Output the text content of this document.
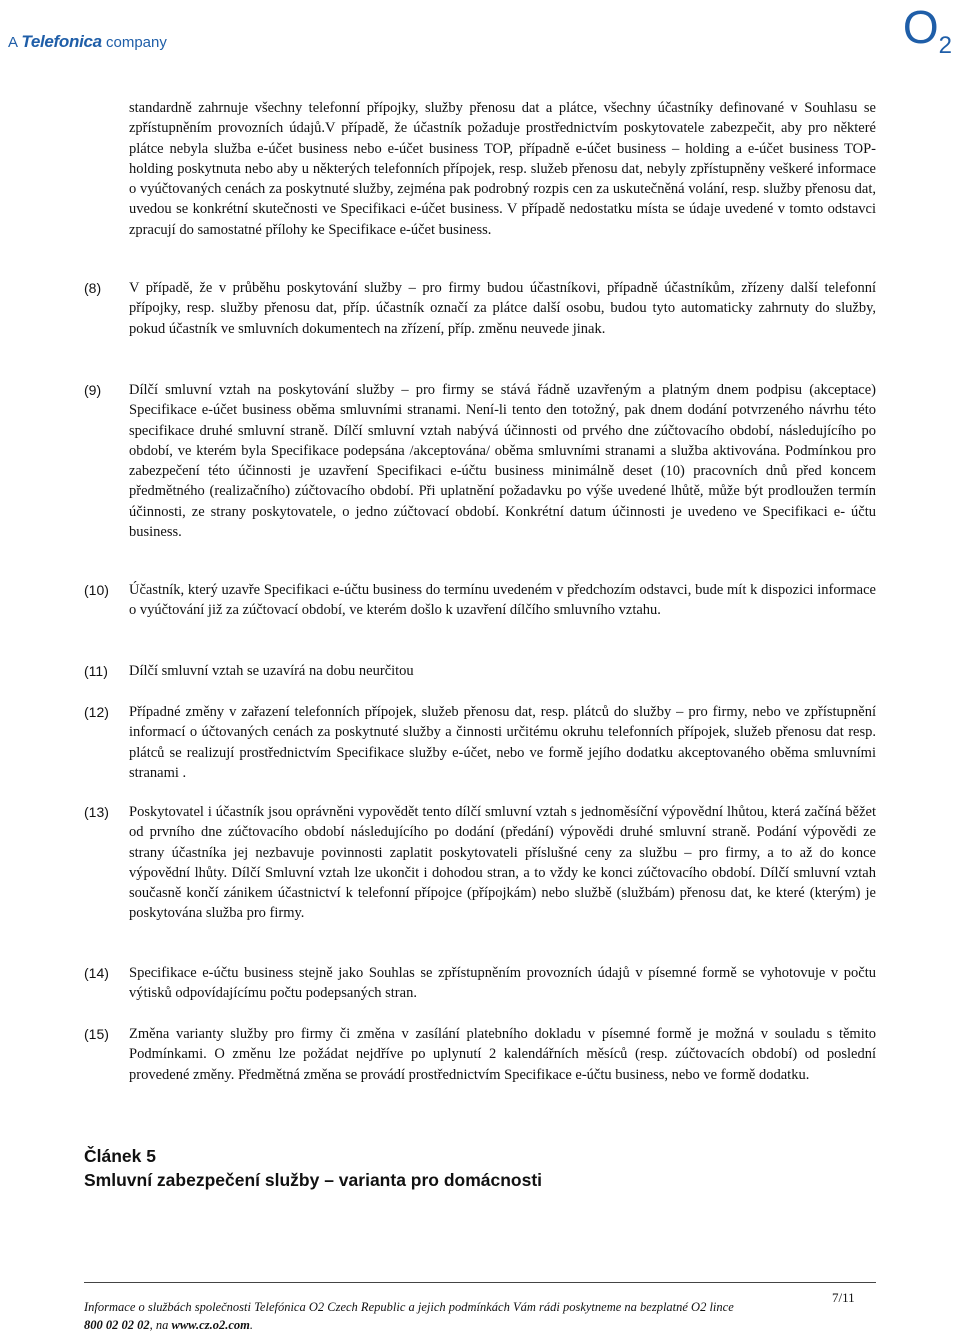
A Telefonica company	$O_2$
standardně zahrnuje všechny telefonní přípojky, služby přenosu dat a plátce, všechny účastníky definované v Souhlasu se zpřístupněním provozních údajů.V případě, že účastník požaduje prostřednictvím poskytovatele zabezpečit, aby pro některé plátce nebyla služba e-účet business nebo e-účet business TOP, případně e-účet business – holding a e-účet business TOP- holding poskytnuta nebo aby u některých telefonních přípojek, resp. služeb přenosu dat, nebyly zpřístupněny veškeré informace o vyúčtovaných cenách za poskytnuté služby, zejména pak podrobný rozpis cen za uskutečněná volání, resp. služby přenosu dat, uvedou se konkrétní skutečnosti ve Specifikaci e-účet business. V případě nedostatku místa se údaje uvedené v tomto odstavci zpracují do samostatné přílohy ke Specifikace e-účet business.
(8) V případě, že v průběhu poskytování služby – pro firmy budou účastníkovi, případně účastníkům, zřízeny další telefonní přípojky, resp. služby přenosu dat, příp. účastník označí za plátce další osobu, budou tyto automaticky zahrnuty do služby, pokud účastník ve smluvních dokumentech na zřízení, příp. změnu neuvede jinak.
(9) Dílčí smluvní vztah na poskytování služby – pro firmy se stává řádně uzavřeným a platným dnem podpisu (akceptace) Specifikace e-účet business oběma smluvními stranami. Není-li tento den totožný, pak dnem dodání potvrzeného návrhu této specifikace druhé smluvní straně. Dílčí smluvní vztah nabývá účinnosti od prvého dne zúčtovacího období, následujícího po období, ve kterém byla Specifikace podepsána /akceptována/ oběma smluvními stranami a služba aktivována. Podmínkou pro zabezpečení této účinnosti je uzavření Specifikaci e-účtu business minimálně deset (10) pracovních dnů před koncem předmětného (realizačního) zúčtovacího období. Při uplatnění požadavku po výše uvedené lhůtě, může být prodloužen termín účinnosti, ze strany poskytovatele, o jedno zúčtovací období. Konkrétní datum účinnosti je uvedeno ve Specifikaci e- účtu business.
(10) Účastník, který uzavře Specifikaci e-účtu business do termínu uvedeném v předchozím odstavci, bude mít k dispozici informace o vyúčtování již za zúčtovací období, ve kterém došlo k uzavření dílčího smluvního vztahu.
(11) Dílčí smluvní vztah se uzavírá na dobu neurčitou
(12) Případné změny v zařazení telefonních přípojek, služeb přenosu dat, resp. plátců do služby – pro firmy, nebo ve zpřístupnění informací o účtovaných cenách za poskytnuté služby a činnosti určitému okruhu telefonních přípojek, služeb přenosu dat resp. plátců se realizují prostřednictvím Specifikace služby e-účet, nebo ve formě jejího dodatku akceptovaného oběma smluvními stranami .
(13) Poskytovatel i účastník jsou oprávněni vypovědět tento dílčí smluvní vztah s jednoměsíční výpovědní lhůtou, která začíná běžet od prvního dne zúčtovacího období následujícího po dodání (předání) výpovědi druhé smluvní straně. Podání výpovědi ze strany účastníka jej nezbavuje povinnosti zaplatit poskytovateli příslušné ceny za službu – pro firmy, a to až do konce výpovědní lhůty. Dílčí Smluvní vztah lze ukončit i dohodou stran, a to vždy ke konci zúčtovacího období. Dílčí smluvní vztah současně končí zánikem účastnictví k telefonní přípojce (přípojkám) nebo službě (službám) přenosu dat, ke které (kterým) je poskytována služba pro firmy.
(14) Specifikace e-účtu business stejně jako Souhlas se zpřístupněním provozních údajů v písemné formě se vyhotovuje v počtu výtisků odpovídajícímu počtu podepsaných stran.
(15) Změna varianty služby pro firmy či změna v zasílání platebního dokladu v písemné formě je možná v souladu s těmito Podmínkami. O změnu lze požádat nejdříve po uplynutí 2 kalendářních měsíců (resp. zúčtovacích období) od poslední provedené změny. Předmětná změna se provádí prostřednictvím Specifikace e-účtu business, nebo ve formě dodatku.
Článek 5
Smluvní zabezpečení služby – varianta pro domácnosti
Informace o službách společnosti Telefónica O2 Czech Republic a jejich podmínkách Vám rádi poskytneme na bezplatné O2 lince
800 02 02 02, na www.cz.o2.com.
7/11
